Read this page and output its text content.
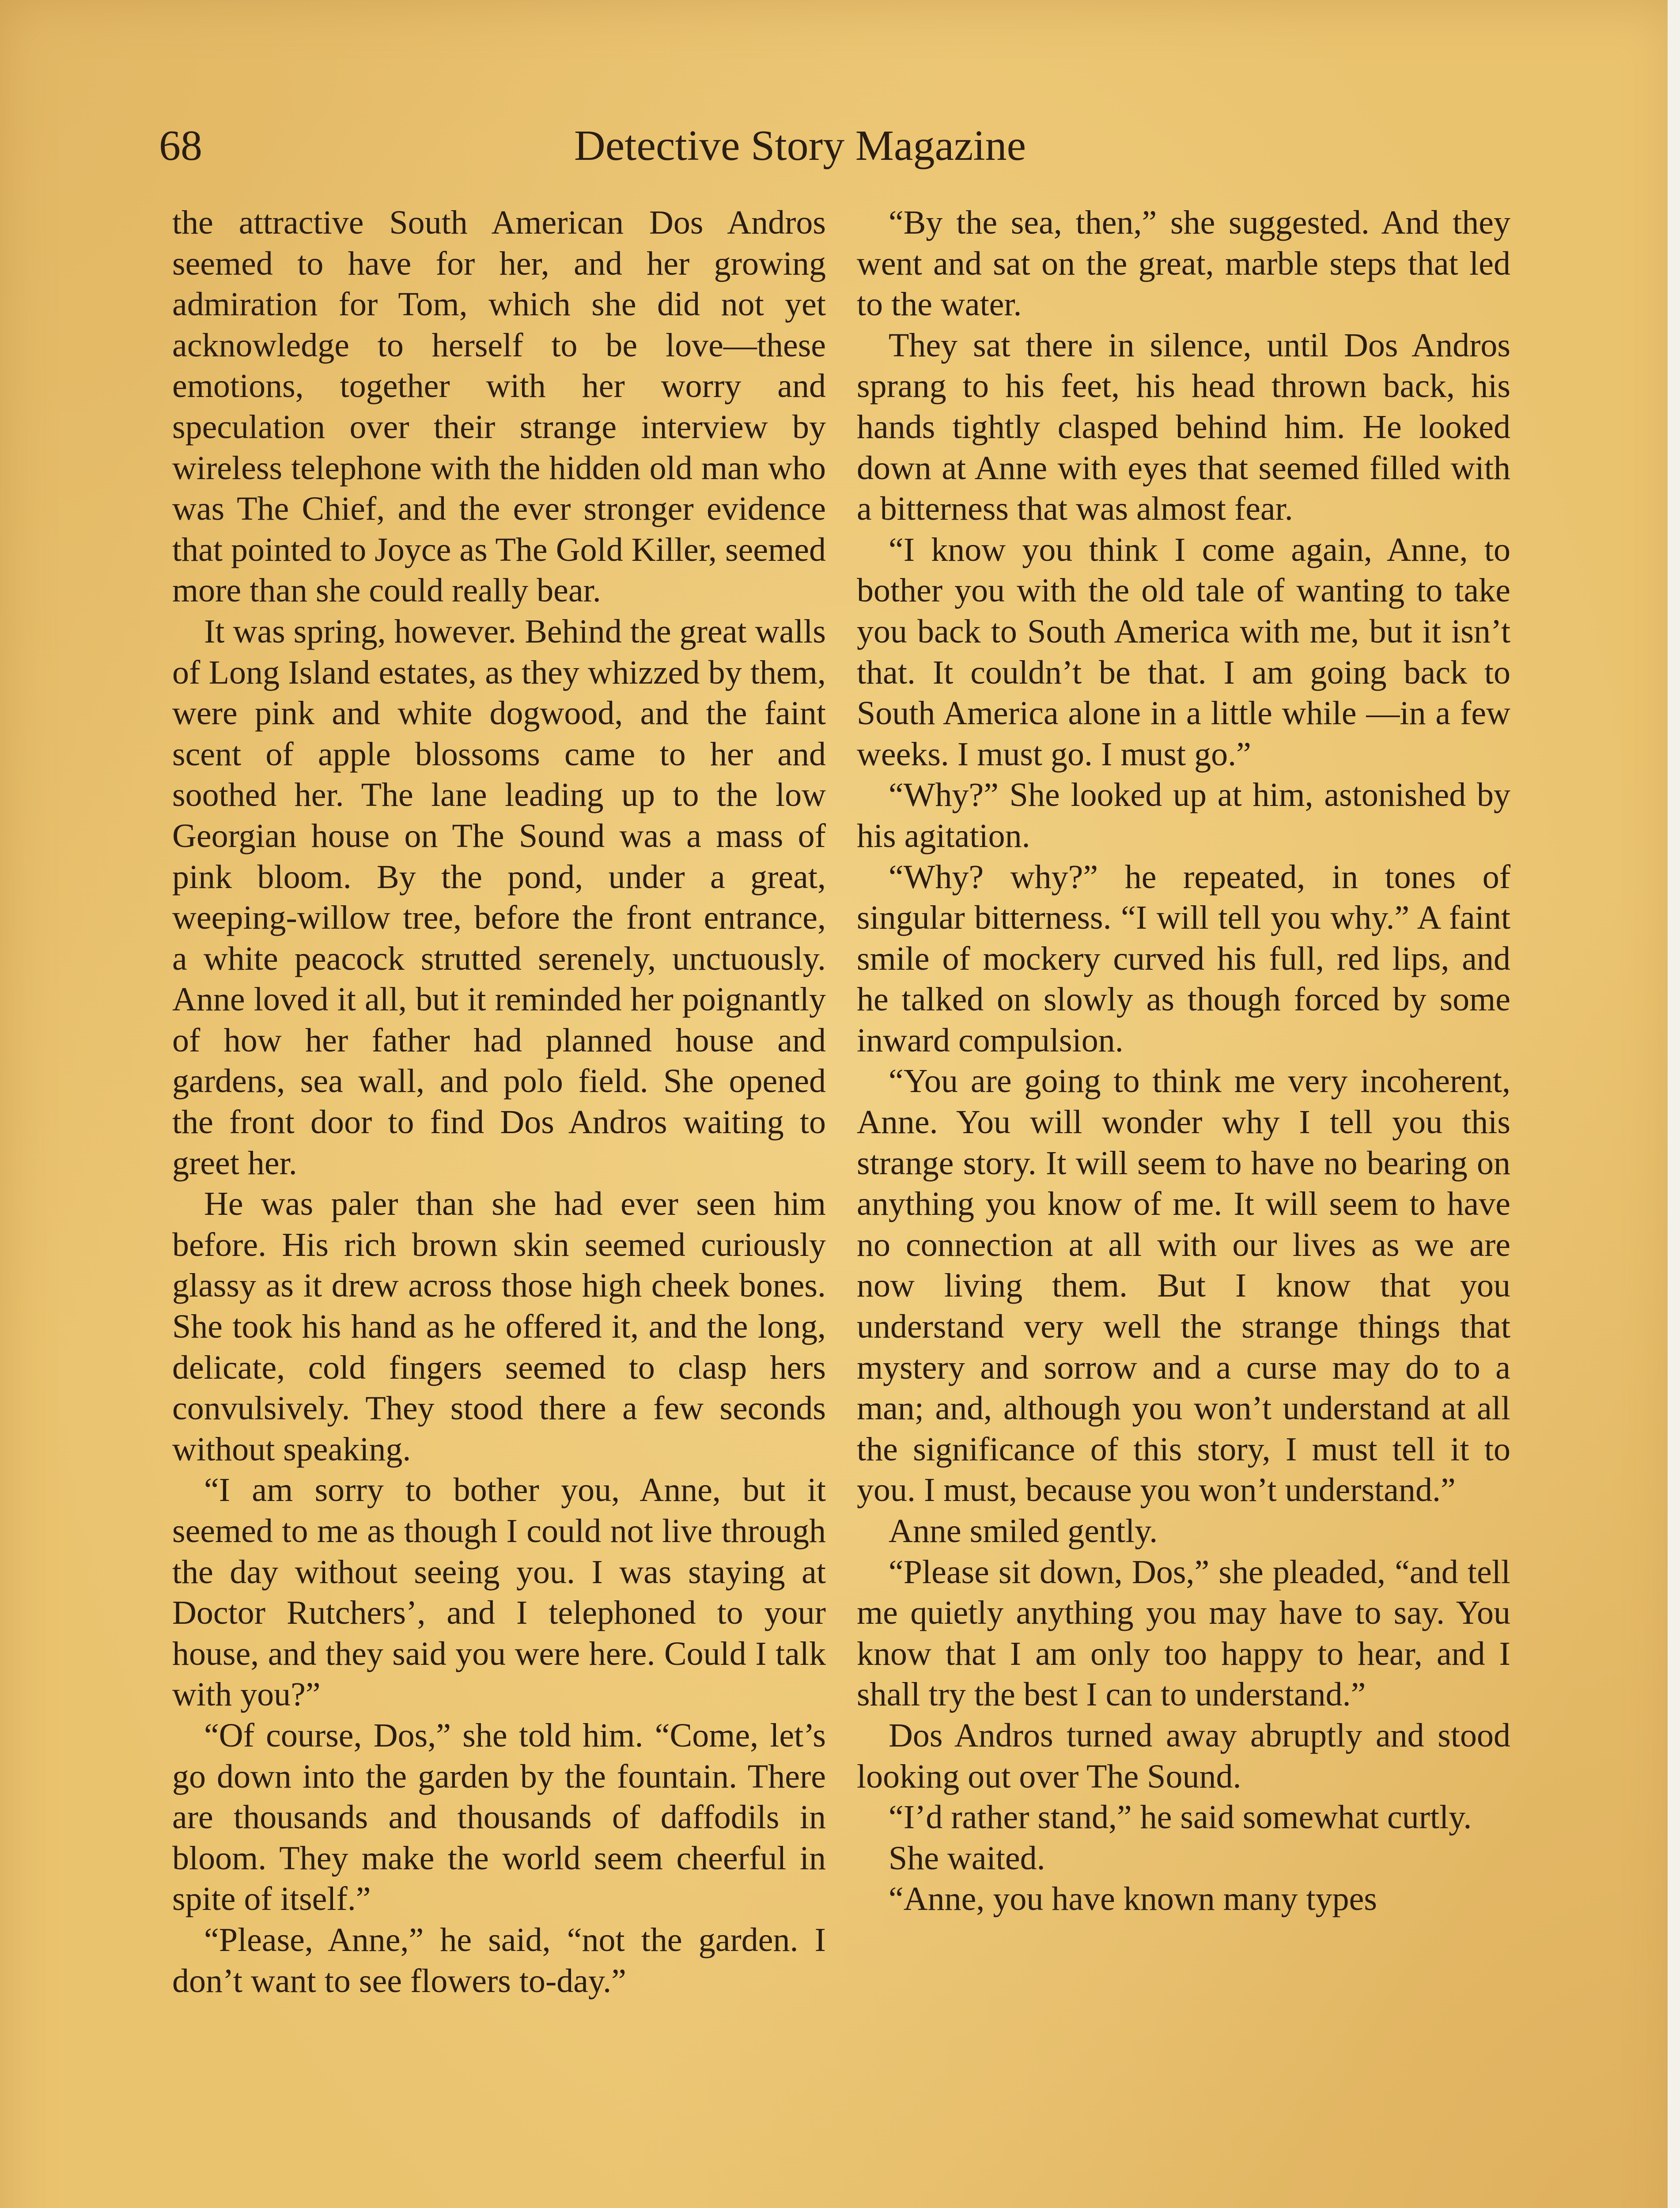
68	Detective Story Magazine

the attractive South American Dos Andros seemed to have for her, and her growing admiration for Tom, which she did not yet acknowledge to herself to be love—these emotions, together with her worry and speculation over their strange interview by wireless telephone with the hidden old man who was The Chief, and the ever stronger evidence that pointed to Joyce as The Gold Killer, seemed more than she could really bear.

It was spring, however. Behind the great walls of Long Island estates, as they whizzed by them, were pink and white dogwood, and the faint scent of apple blossoms came to her and soothed her. The lane leading up to the low Georgian house on The Sound was a mass of pink bloom. By the pond, under a great, weeping-willow tree, before the front entrance, a white peacock strutted serenely, unctuously. Anne loved it all, but it reminded her poignantly of how her father had planned house and gardens, sea wall, and polo field. She opened the front door to find Dos Andros waiting to greet her.

He was paler than she had ever seen him before. His rich brown skin seemed curiously glassy as it drew across those high cheek bones. She took his hand as he offered it, and the long, delicate, cold fingers seemed to clasp hers convulsively. They stood there a few seconds without speaking.

“I am sorry to bother you, Anne, but it seemed to me as though I could not live through the day without seeing you. I was staying at Doctor Rutchers’, and I telephoned to your house, and they said you were here. Could I talk with you?”

“Of course, Dos,” she told him. “Come, let’s go down into the garden by the fountain. There are thousands and thousands of daffodils in bloom. They make the world seem cheerful in spite of itself.”

“Please, Anne,” he said, “not the garden. I don’t want to see flowers to-day.”

“By the sea, then,” she suggested. And they went and sat on the great, marble steps that led to the water.

They sat there in silence, until Dos Andros sprang to his feet, his head thrown back, his hands tightly clasped behind him. He looked down at Anne with eyes that seemed filled with a bitterness that was almost fear.

“I know you think I come again, Anne, to bother you with the old tale of wanting to take you back to South America with me, but it isn’t that. It couldn’t be that. I am going back to South America alone in a little while —in a few weeks. I must go. I must go.”

“Why?” She looked up at him, astonished by his agitation.

“Why? why?” he repeated, in tones of singular bitterness. “I will tell you why.” A faint smile of mockery curved his full, red lips, and he talked on slowly as though forced by some inward compulsion.

“You are going to think me very incoherent, Anne. You will wonder why I tell you this strange story. It will seem to have no bearing on anything you know of me. It will seem to have no connection at all with our lives as we are now living them. But I know that you understand very well the strange things that mystery and sorrow and a curse may do to a man; and, although you won’t understand at all the significance of this story, I must tell it to you. I must, because you won’t understand.”

Anne smiled gently.

“Please sit down, Dos,” she pleaded, “and tell me quietly anything you may have to say. You know that I am only too happy to hear, and I shall try the best I can to understand.”

Dos Andros turned away abruptly and stood looking out over The Sound.

“I’d rather stand,” he said somewhat curtly.

She waited.

“Anne, you have known many types
